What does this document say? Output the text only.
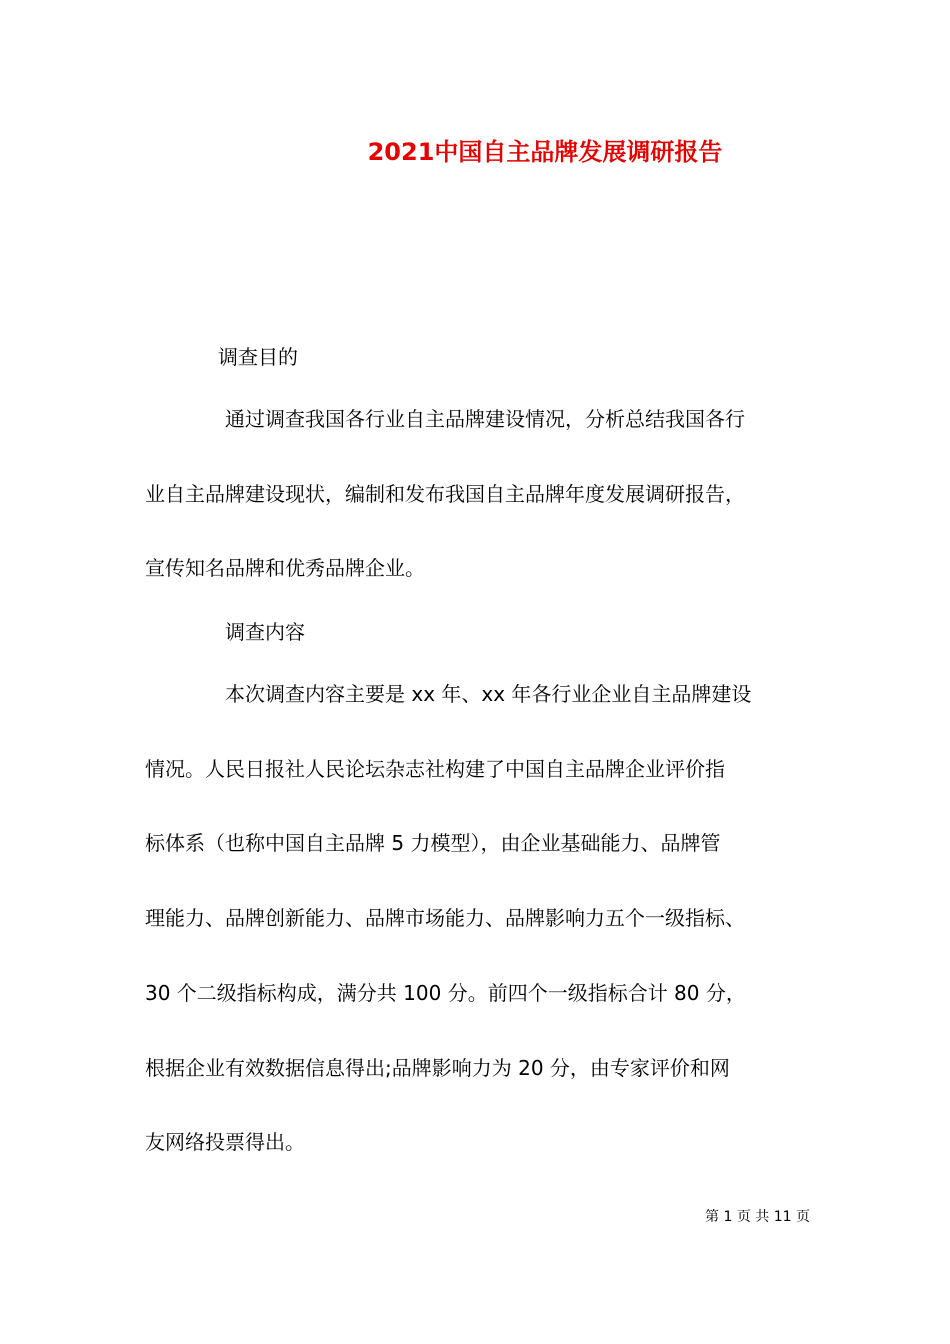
2021中国自主品牌发展调研报告
调查目的
通过调查我国各行业自主品牌建设情况，分析总结我国各行
业自主品牌建设现状，编制和发布我国自主品牌年度发展调研报告，
宣传知名品牌和优秀品牌企业。
调查内容
本次调查内容主要是 xx 年、xx 年各行业企业自主品牌建设
情况。人民日报社人民论坛杂志社构建了中国自主品牌企业评价指
标体系（也称中国自主品牌 5 力模型），由企业基础能力、品牌管
理能力、品牌创新能力、品牌市场能力、品牌影响力五个一级指标、
30 个二级指标构成，满分共 100 分。前四个一级指标合计 80 分，
根据企业有效数据信息得出;品牌影响力为 20 分，由专家评价和网
友网络投票得出。
第 1 页 共 11 页
